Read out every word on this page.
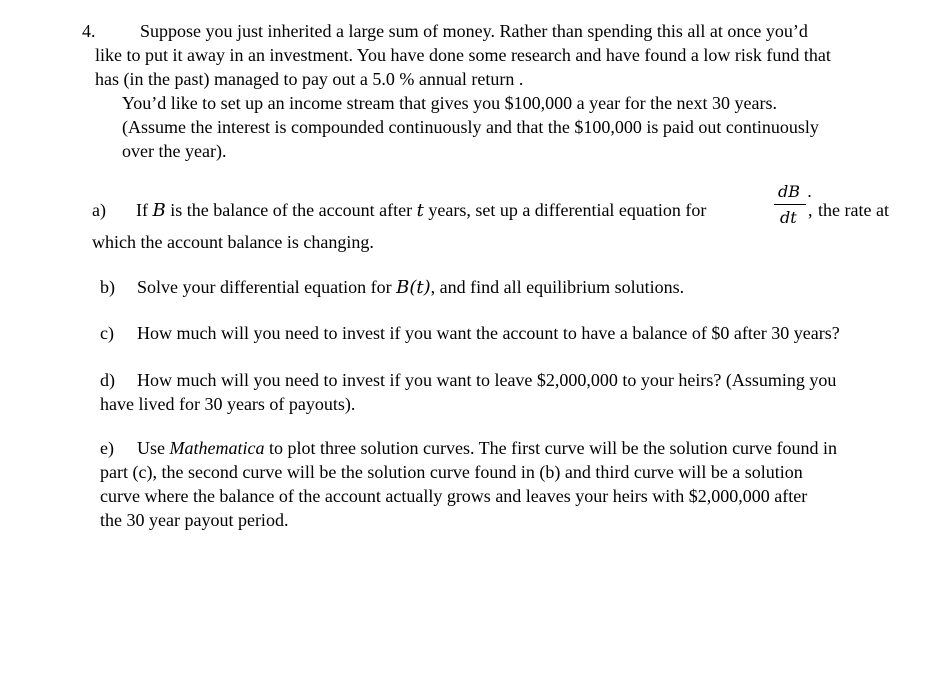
4. Suppose you just inherited a large sum of money. Rather than spending this all at once you’d
like to put it away in an investment. You have done some research and have found a low risk fund that
has (in the past) managed to pay out a 5.0 % annual return .
You’d like to set up an income stream that gives you $100,000 a year for the next 30 years.
(Assume the interest is compounded continuously and that the $100,000 is paid out continuously
over the year).
a) If B is the balance of the account after t years, set up a differential equation for
dB .
dt , the rate at
which the account balance is changing.
b) Solve your differential equation for B(t), and find all equilibrium solutions.
c) How much will you need to invest if you want the account to have a balance of $0 after 30 years?
d) How much will you need to invest if you want to leave $2,000,000 to your heirs? (Assuming you
have lived for 30 years of payouts).
e) Use Mathematica to plot three solution curves. The first curve will be the solution curve found in
part (c), the second curve will be the solution curve found in (b) and third curve will be a solution
curve where the balance of the account actually grows and leaves your heirs with $2,000,000 after
the 30 year payout period.
